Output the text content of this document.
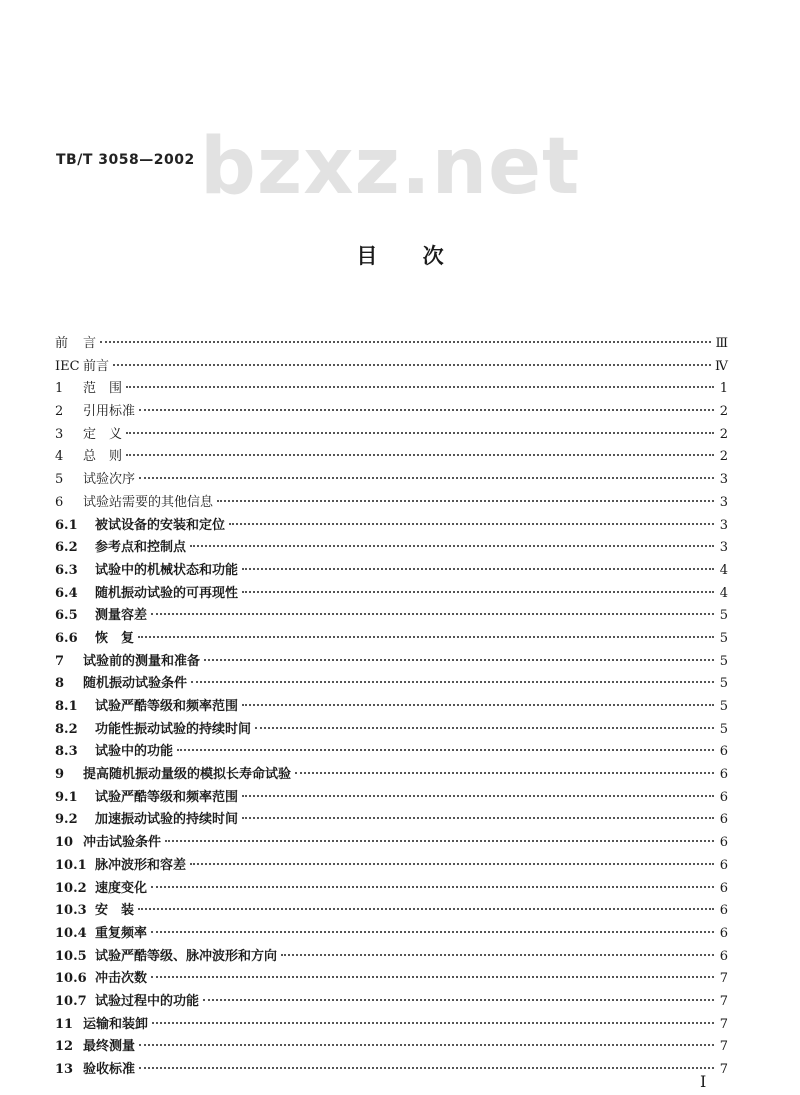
TB/T 3058—2002 bzxz.net
目 次
前	言	Ⅲ
IEC 前言	Ⅳ
1	范　围	1
2	引用标准	2
3	定　义	2
4	总　则	2
5	试验次序	3
6	试验站需要的其他信息	3
6.1	被试设备的安装和定位	3
6.2	参考点和控制点	3
6.3	试验中的机械状态和功能	4
6.4	随机振动试验的可再现性	4
6.5	测量容差	5
6.6	恢　复	5
7	试验前的测量和准备	5
8	随机振动试验条件	5
8.1	试验严酷等级和频率范围	5
8.2	功能性振动试验的持续时间	5
8.3	试验中的功能	6
9	提高随机振动量级的模拟长寿命试验	6
9.1	试验严酷等级和频率范围	6
9.2	加速振动试验的持续时间	6
10 冲击试验条件	6
10.1 脉冲波形和容差	6
10.2 速度变化	6
10.3 安　装	6
10.4 重复频率	6
10.5 试验严酷等级、脉冲波形和方向	6
10.6 冲击次数	7
10.7 试验过程中的功能	7
11 运输和装卸	7
12 最终测量	7
13 验收标准	7
I
